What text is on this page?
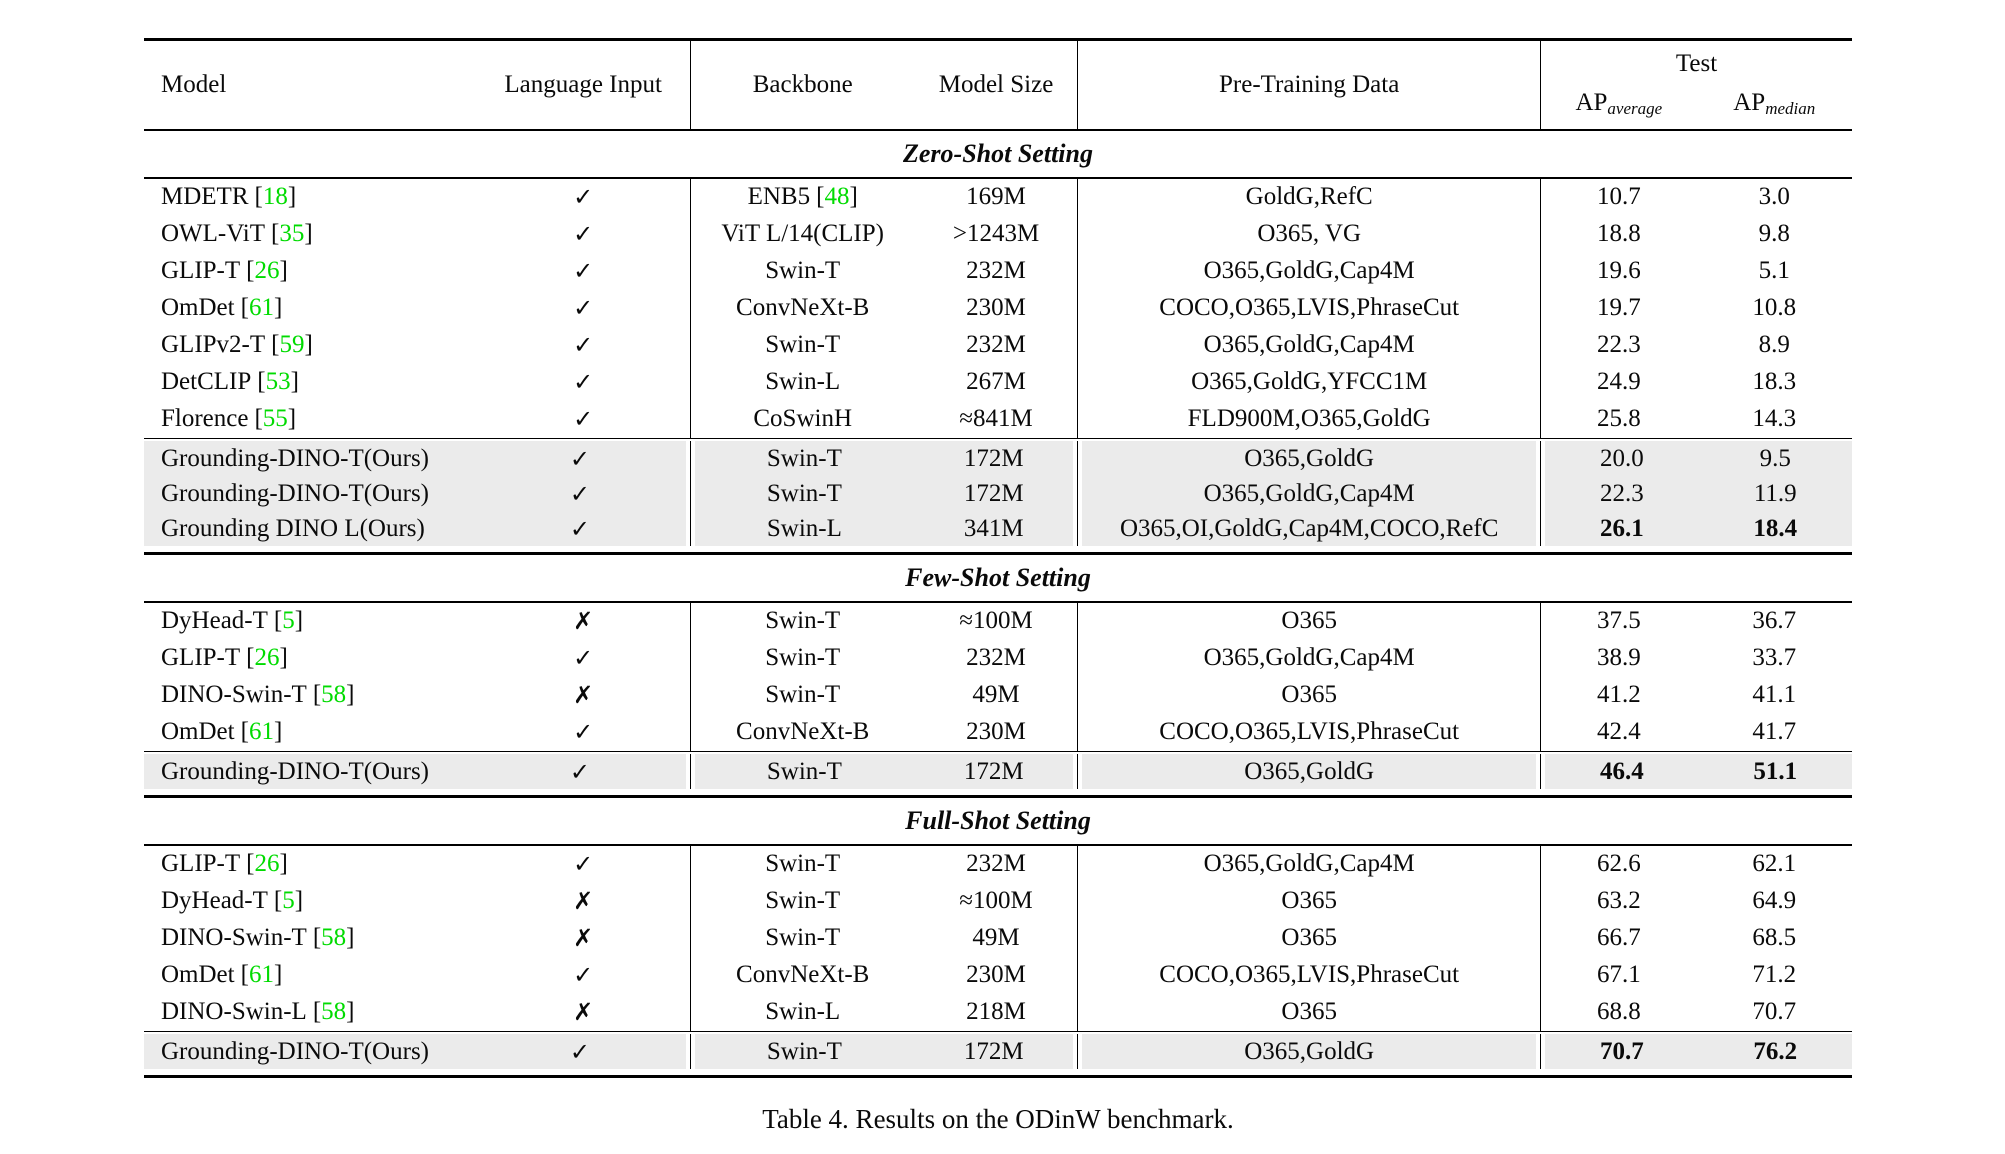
Model	Language Input	Backbone	Model Size	Pre-Training Data
Test
AP average	AP median
Zero-Shot Setting
MDETR [18]	✓	ENB5 [48]	169M	GoldG,RefC	10.7	3.0
OWL-ViT [35]	✓	ViT L/14(CLIP)	>1243M	O365, VG	18.8	9.8
GLIP-T [26]	✓	Swin-T	232M	O365,GoldG,Cap4M	19.6	5.1
OmDet [61]	✓	ConvNeXt-B	230M	COCO,O365,LVIS,PhraseCut	19.7	10.8
GLIPv2-T [59]	✓	Swin-T	232M	O365,GoldG,Cap4M	22.3	8.9
DetCLIP [53]	✓	Swin-L	267M	O365,GoldG,YFCC1M	24.9	18.3
Florence [55]	✓	CoSwinH	≈841M	FLD900M,O365,GoldG	25.8	14.3
Grounding-DINO-T(Ours)	✓	Swin-T	172M	O365,GoldG	20.0	9.5
Grounding-DINO-T(Ours)	✓	Swin-T	172M	O365,GoldG,Cap4M	22.3	11.9
Grounding DINO L(Ours)	✓	Swin-L	341M	O365,OI,GoldG,Cap4M,COCO,RefC	26.1	18.4
Few-Shot Setting
DyHead-T [5]	✗	Swin-T	≈100M	O365	37.5	36.7
GLIP-T [26]	✓	Swin-T	232M	O365,GoldG,Cap4M	38.9	33.7
DINO-Swin-T [58]	✗	Swin-T	49M	O365	41.2	41.1
OmDet [61]	✓	ConvNeXt-B	230M	COCO,O365,LVIS,PhraseCut	42.4	41.7
Grounding-DINO-T(Ours)	✓	Swin-T	172M	O365,GoldG	46.4	51.1
Full-Shot Setting
GLIP-T [26]	✓	Swin-T	232M	O365,GoldG,Cap4M	62.6	62.1
DyHead-T [5]	✗	Swin-T	≈100M	O365	63.2	64.9
DINO-Swin-T [58]	✗	Swin-T	49M	O365	66.7	68.5
OmDet [61]	✓	ConvNeXt-B	230M	COCO,O365,LVIS,PhraseCut	67.1	71.2
DINO-Swin-L [58]	✗	Swin-L	218M	O365	68.8	70.7
Grounding-DINO-T(Ours)	✓	Swin-T	172M	O365,GoldG	70.7	76.2
Table 4. Results on the ODinW benchmark.
